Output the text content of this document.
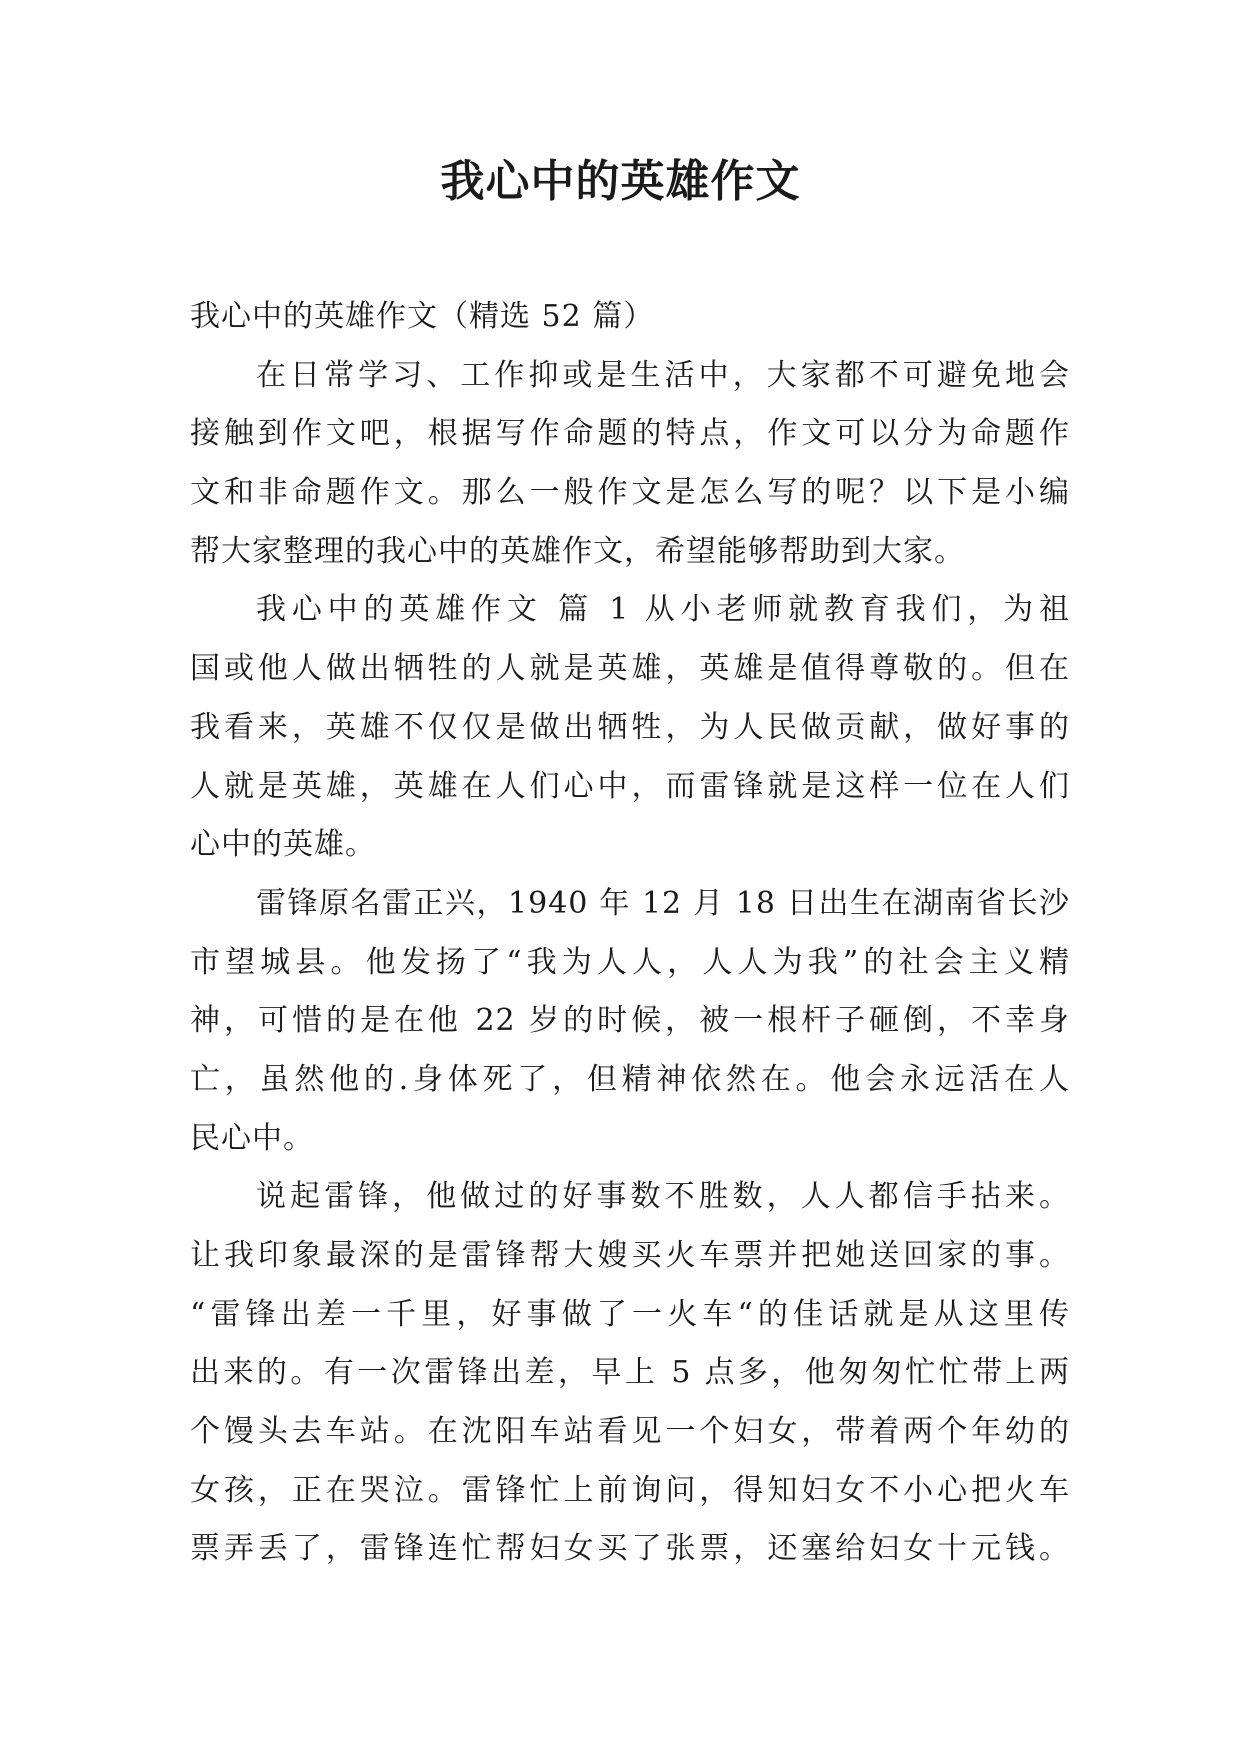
我心中的英雄作文

我心中的英雄作文（精选 52 篇）

在日常学习、工作抑或是生活中，大家都不可避免地会

接触到作文吧，根据写作命题的特点，作文可以分为命题作

文和非命题作文。那么一般作文是怎么写的呢？以下是小编

帮大家整理的我心中的英雄作文，希望能够帮助到大家。

我心中的英雄作文 篇 1 从小老师就教育我们，为祖

国或他人做出牺牲的人就是英雄，英雄是值得尊敬的。但在

我看来，英雄不仅仅是做出牺牲，为人民做贡献，做好事的

人就是英雄，英雄在人们心中，而雷锋就是这样一位在人们

心中的英雄。

雷锋原名雷正兴，1940 年 12 月 18 日出生在湖南省长沙

市望城县。他发扬了“我为人人，人人为我”的社会主义精

神，可惜的是在他 22 岁的时候，被一根杆子砸倒，不幸身

亡，虽然他的.身体死了，但精神依然在。他会永远活在人

民心中。

说起雷锋，他做过的好事数不胜数，人人都信手拈来。

让我印象最深的是雷锋帮大嫂买火车票并把她送回家的事。

“雷锋出差一千里，好事做了一火车“的佳话就是从这里传

出来的。有一次雷锋出差，早上 5 点多，他匆匆忙忙带上两

个馒头去车站。在沈阳车站看见一个妇女，带着两个年幼的

女孩，正在哭泣。雷锋忙上前询问，得知妇女不小心把火车

票弄丢了，雷锋连忙帮妇女买了张票，还塞给妇女十元钱。
